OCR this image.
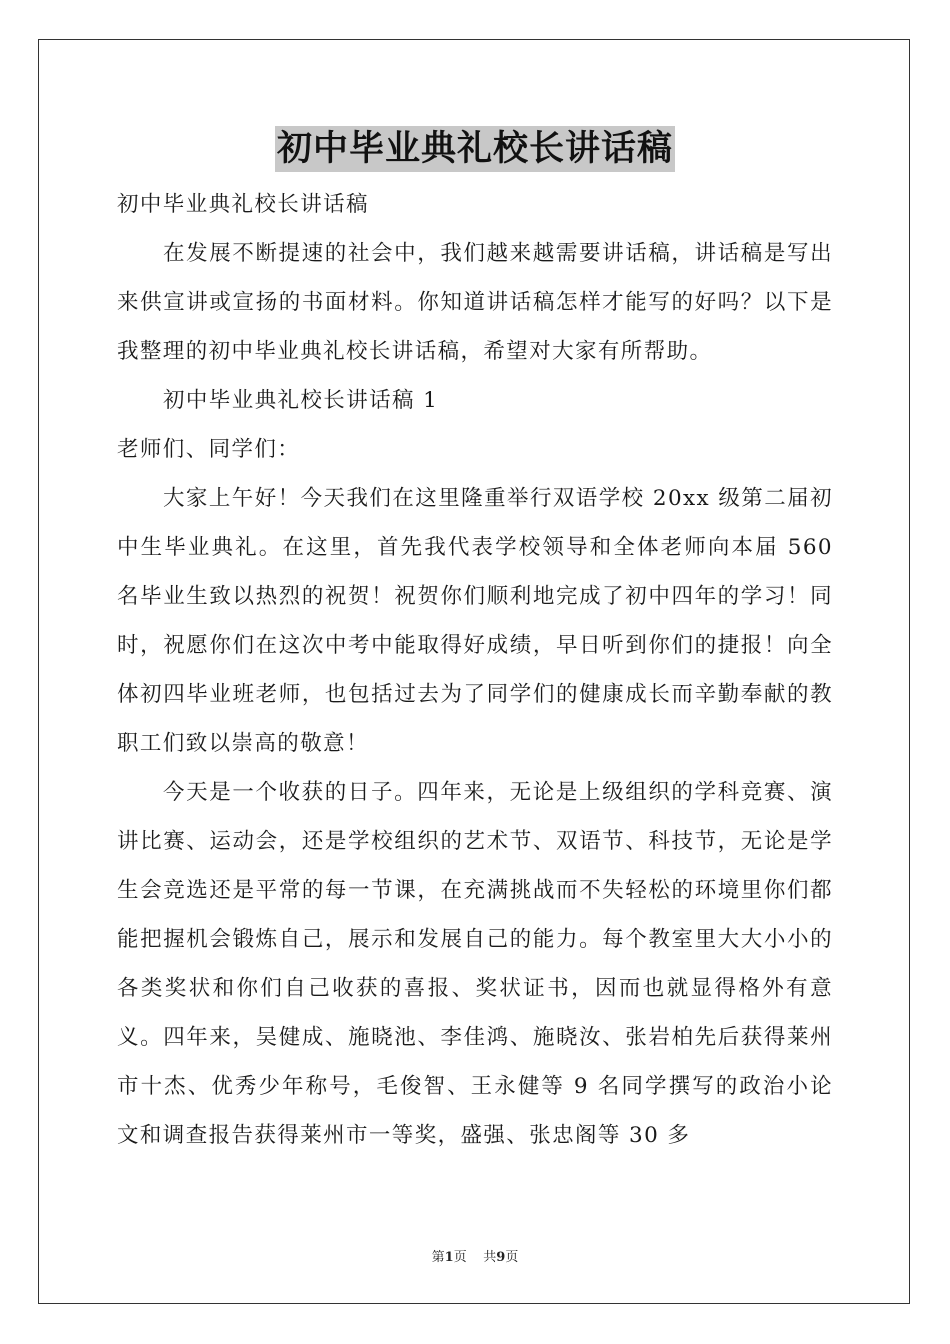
初中毕业典礼校长讲话稿

初中毕业典礼校长讲话稿

在发展不断提速的社会中，我们越来越需要讲话稿，讲话稿是写出来供宣讲或宣扬的书面材料。你知道讲话稿怎样才能写的好吗？以下是我整理的初中毕业典礼校长讲话稿，希望对大家有所帮助。

初中毕业典礼校长讲话稿 1

老师们、同学们：

大家上午好！今天我们在这里隆重举行双语学校 20xx 级第二届初中生毕业典礼。在这里，首先我代表学校领导和全体老师向本届 560 名毕业生致以热烈的祝贺！祝贺你们顺利地完成了初中四年的学习！同时，祝愿你们在这次中考中能取得好成绩，早日听到你们的捷报！向全体初四毕业班老师，也包括过去为了同学们的健康成长而辛勤奉献的教职工们致以崇高的敬意！

今天是一个收获的日子。四年来，无论是上级组织的学科竞赛、演讲比赛、运动会，还是学校组织的艺术节、双语节、科技节，无论是学生会竞选还是平常的每一节课，在充满挑战而不失轻松的环境里你们都能把握机会锻炼自己，展示和发展自己的能力。每个教室里大大小小的各类奖状和你们自己收获的喜报、奖状证书，因而也就显得格外有意义。四年来，吴健成、施晓池、李佳鸿、施晓汝、张岩柏先后获得莱州市十杰、优秀少年称号，毛俊智、王永健等 9 名同学撰写的政治小论文和调查报告获得莱州市一等奖，盛强、张忠阁等 30 多

第1页 共9页
